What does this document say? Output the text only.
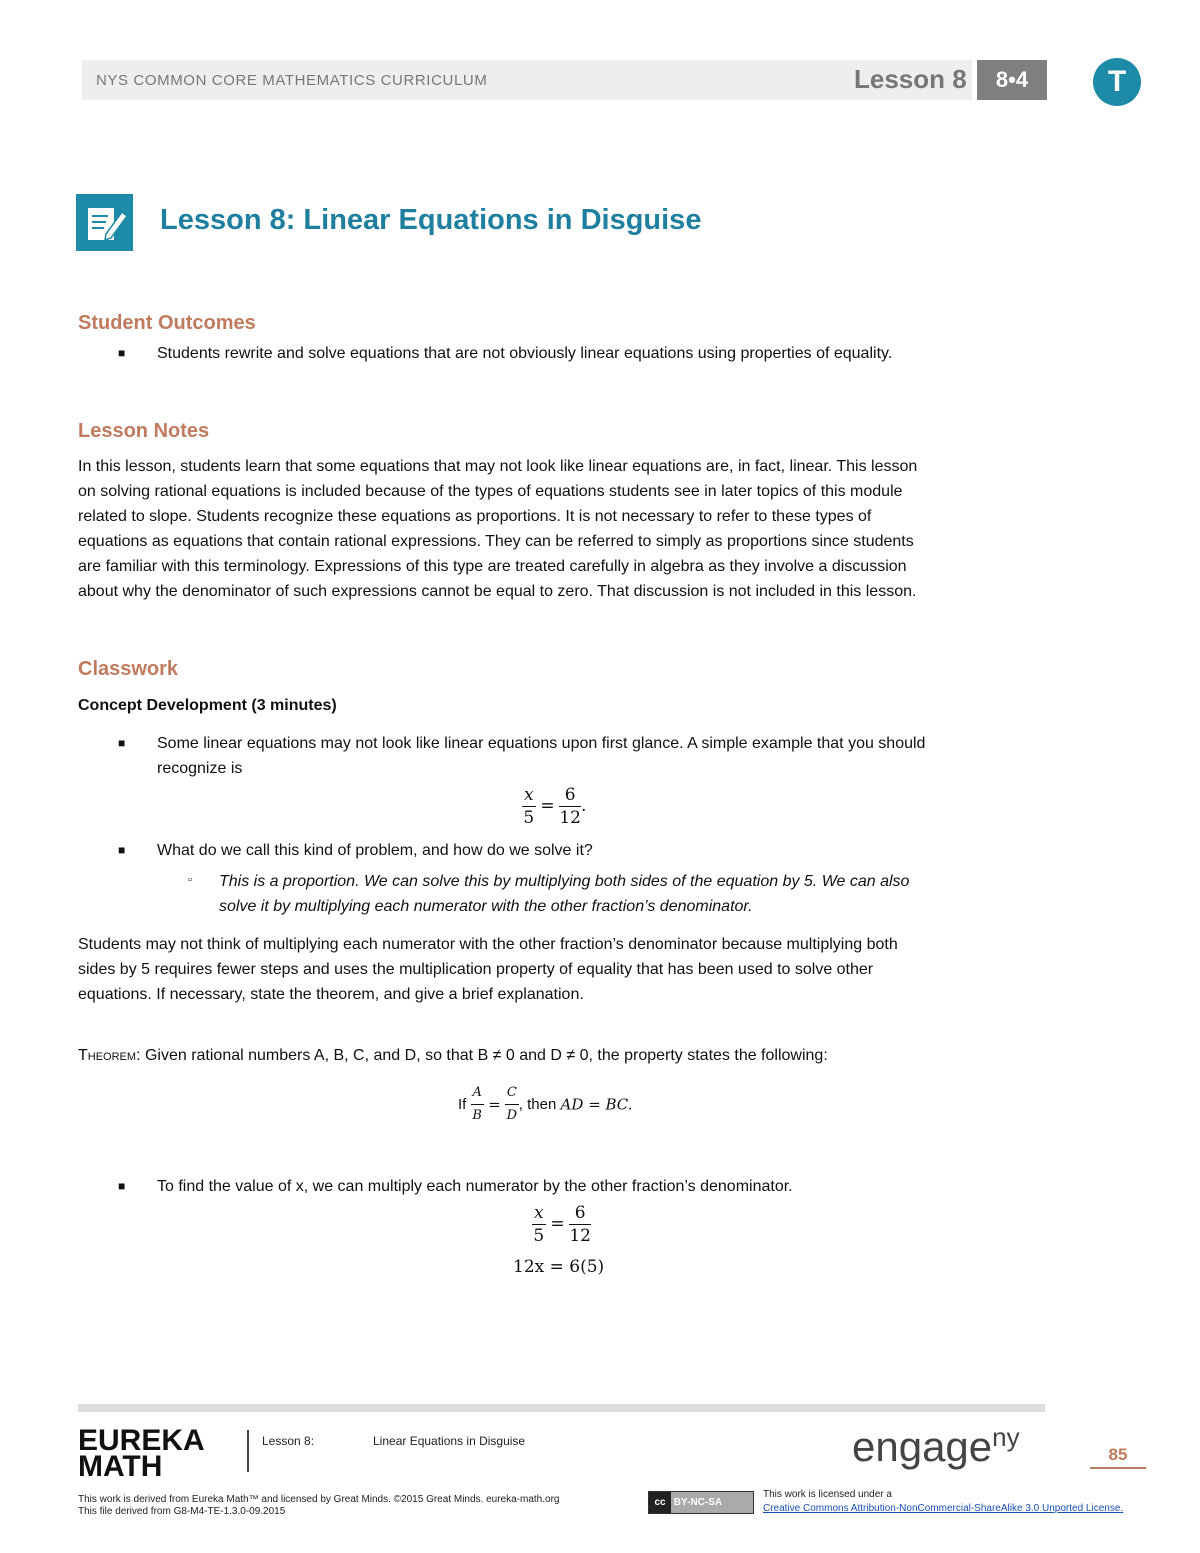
NYS COMMON CORE MATHEMATICS CURRICULUM	Lesson 8	8•4	T
Lesson 8: Linear Equations in Disguise
Student Outcomes
■ Students rewrite and solve equations that are not obviously linear equations using properties of equality.
Lesson Notes
In this lesson, students learn that some equations that may not look like linear equations are, in fact, linear. This lesson
on solving rational equations is included because of the types of equations students see in later topics of this module
related to slope. Students recognize these equations as proportions. It is not necessary to refer to these types of
equations as equations that contain rational expressions. They can be referred to simply as proportions since students
are familiar with this terminology. Expressions of this type are treated carefully in algebra as they involve a discussion
about why the denominator of such expressions cannot be equal to zero. That discussion is not included in this lesson.
Classwork
Concept Development (3 minutes)
■ Some linear equations may not look like linear equations upon first glance. A simple example that you should
recognize is
$\frac{x}{5} = \frac{6}{12}$ .
■ What do we call this kind of problem, and how do we solve it?
▫ This is a proportion. We can solve this by multiplying both sides of the equation by 5. We can also
solve it by multiplying each numerator with the other fraction’s denominator.
Students may not think of multiplying each numerator with the other fraction’s denominator because multiplying both
sides by 5 requires fewer steps and uses the multiplication property of equality that has been used to solve other
equations. If necessary, state the theorem, and give a brief explanation.
Theorem: Given rational numbers A, B, C, and D, so that B ≠ 0 and D ≠ 0, the property states the following:
If $\frac{A}{B} = \frac{C}{D}$ , then AD = BC.
■ To find the value of x, we can multiply each numerator by the other fraction’s denominator.
$\frac{x}{5} = \frac{6}{12}$
12x = 6(5)
EUREKA
MATH
Lesson 8:	Linear Equations in Disguise	engage$^{ny}$
85
This work is derived from Eureka Math™ and licensed by Great Minds. ©2015 Great Minds. eureka-math.org
This file derived from G8-M4-TE-1.3.0-09.2015
cc BY-NC-SA
This work is licensed under a
Creative Commons Attribution-NonCommercial-ShareAlike 3.0 Unported License.
